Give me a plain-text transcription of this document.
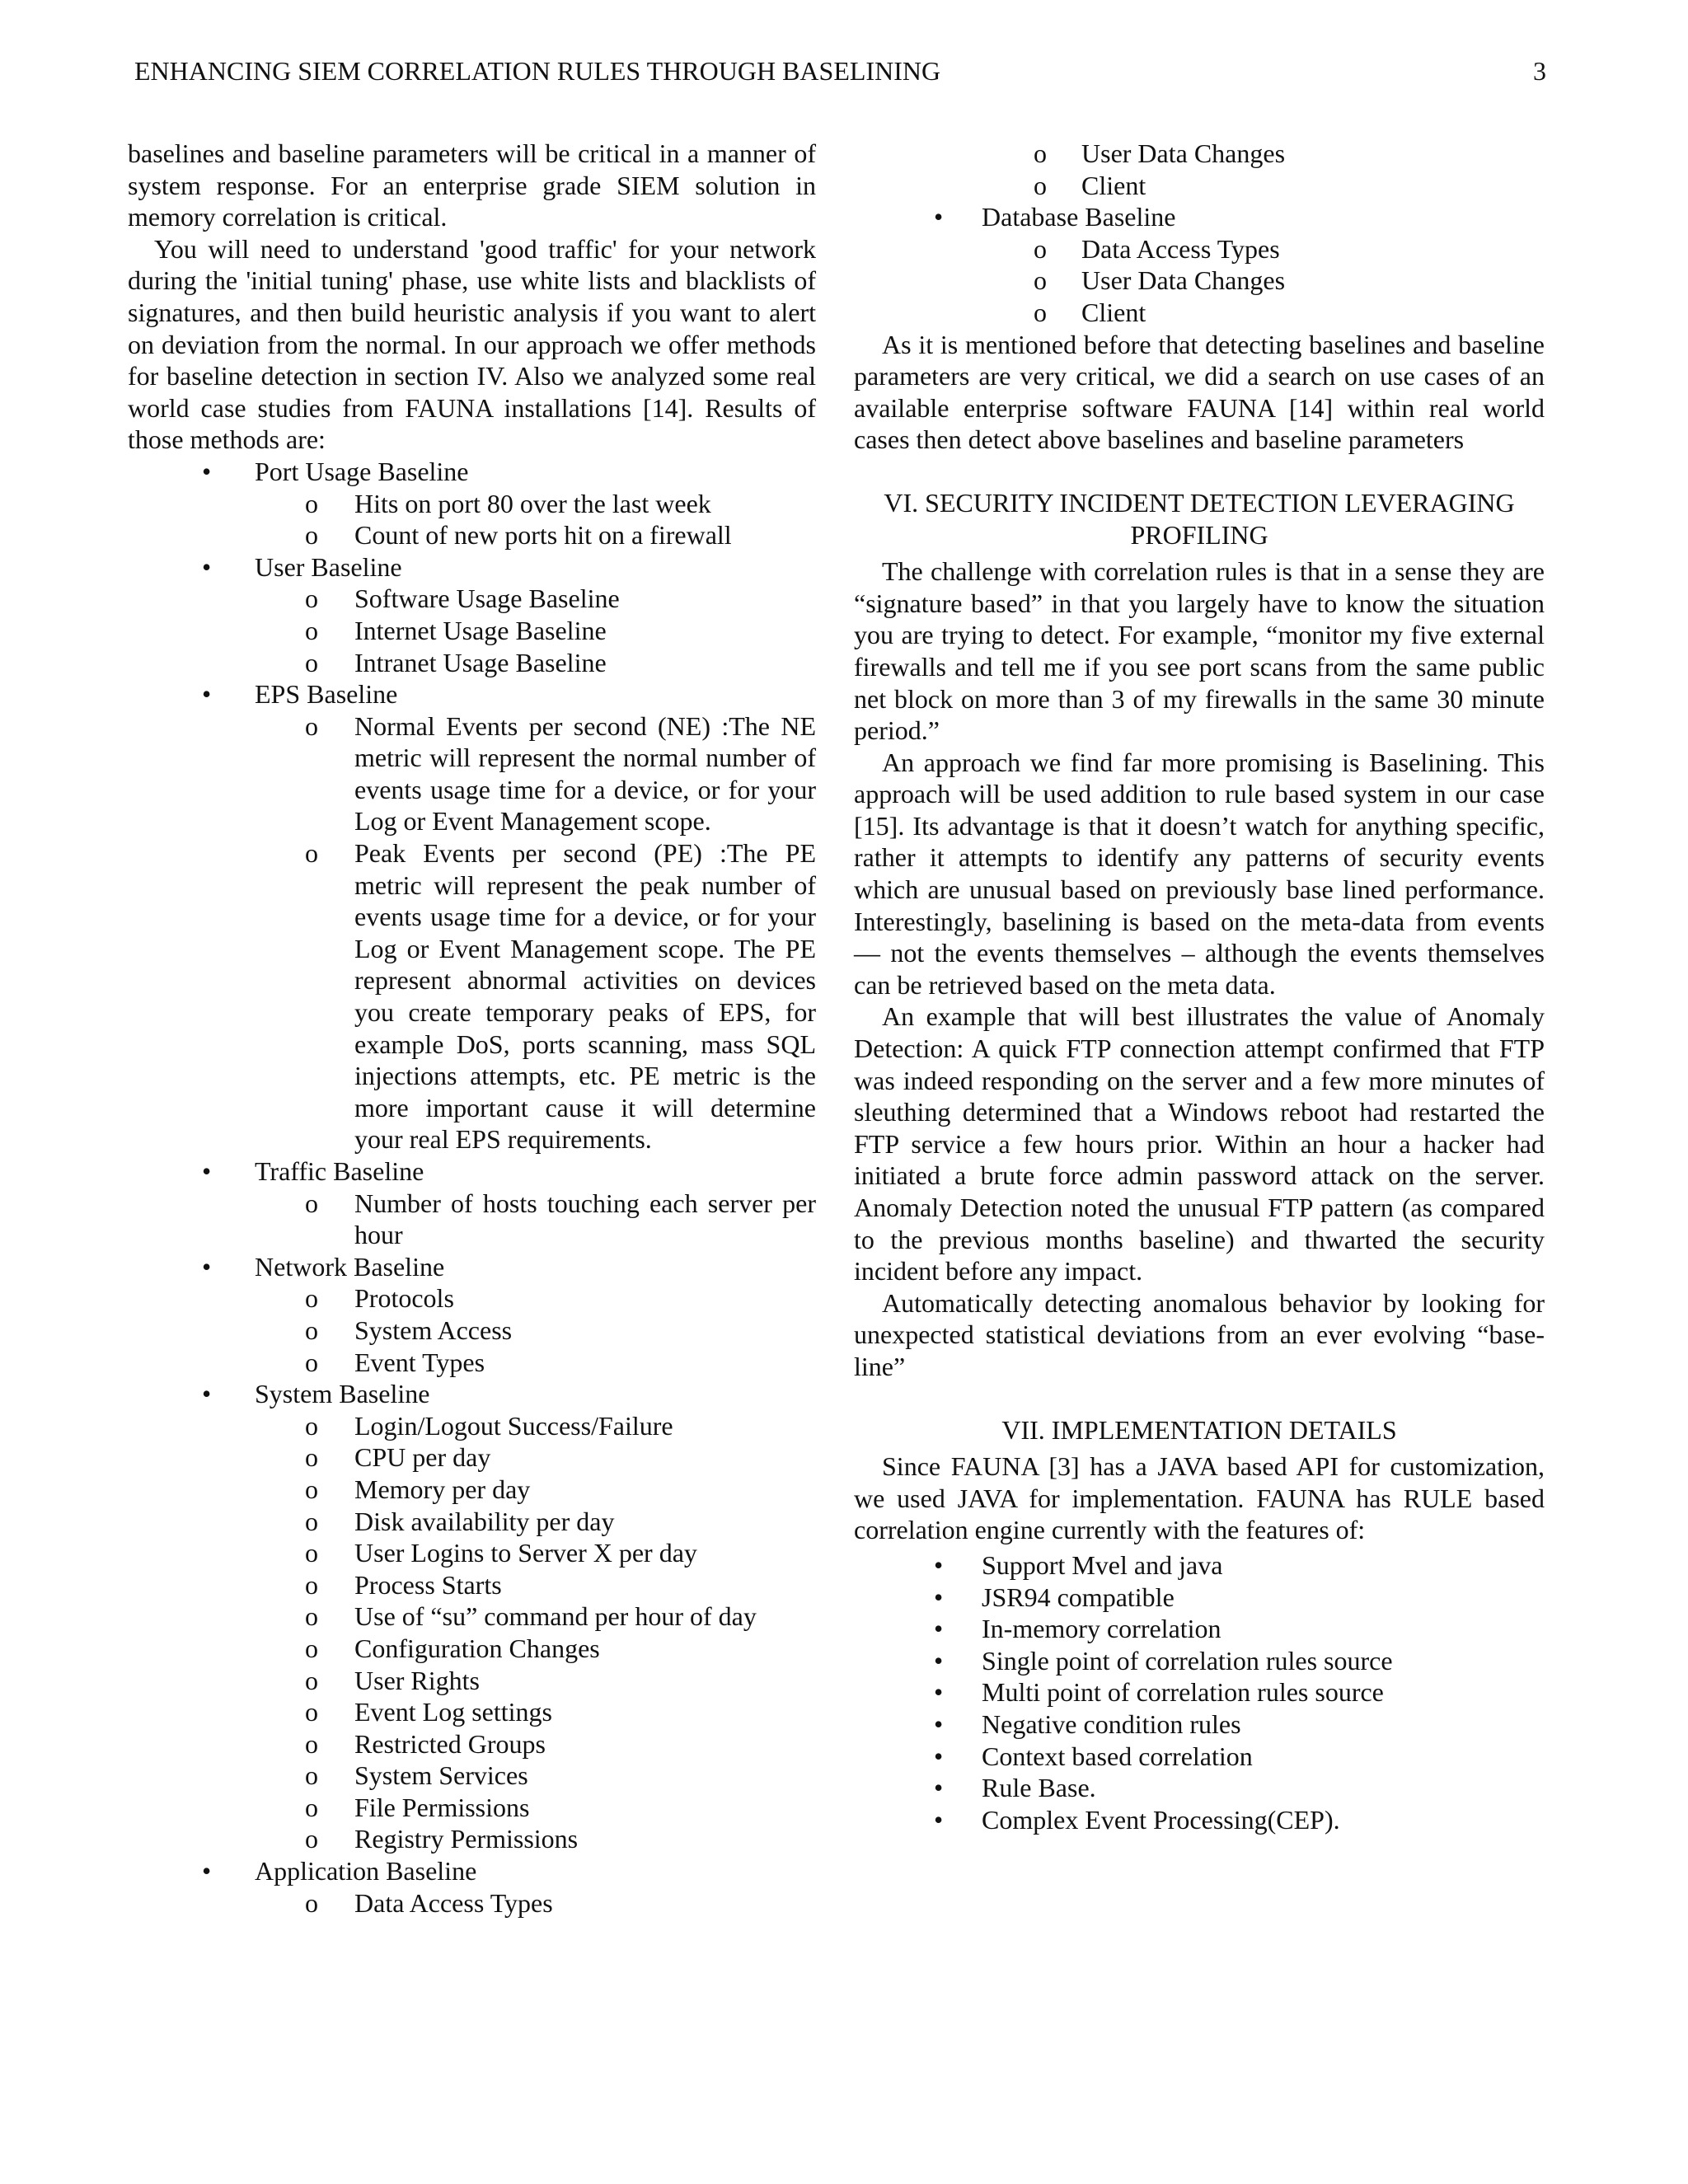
ENHANCING SIEM CORRELATION RULES THROUGH BASELINING	3

baselines and baseline parameters will be critical in a manner of system response. For an enterprise grade SIEM solution in memory correlation is critical.

You will need to understand 'good traffic' for your network during the 'initial tuning' phase, use white lists and blacklists of signatures, and then build heuristic analysis if you want to alert on deviation from the normal. In our approach we offer methods for baseline detection in section IV. Also we analyzed some real world case studies from FAUNA installations [14]. Results of those methods are:

• Port Usage Baseline
o Hits on port 80 over the last week
o Count of new ports hit on a firewall
• User Baseline
o Software Usage Baseline
o Internet Usage Baseline
o Intranet Usage Baseline
• EPS Baseline
o Normal Events per second (NE) :The NE metric will represent the normal number of events usage time for a device, or for your Log or Event Management scope.
o Peak Events per second (PE) :The PE metric will represent the peak number of events usage time for a device, or for your Log or Event Management scope. The PE represent abnormal activities on devices you create temporary peaks of EPS, for example DoS, ports scanning, mass SQL injections attempts, etc. PE metric is the more important cause it will determine your real EPS requirements.
• Traffic Baseline
o Number of hosts touching each server per hour
• Network Baseline
o Protocols
o System Access
o Event Types
• System Baseline
o Login/Logout Success/Failure
o CPU per day
o Memory per day
o Disk availability per day
o User Logins to Server X per day
o Process Starts
o Use of “su” command per hour of day
o Configuration Changes
o User Rights
o Event Log settings
o Restricted Groups
o System Services
o File Permissions
o Registry Permissions
• Application Baseline
o Data Access Types
o User Data Changes
o Client
• Database Baseline
o Data Access Types
o User Data Changes
o Client

As it is mentioned before that detecting baselines and baseline parameters are very critical, we did a search on use cases of an available enterprise software FAUNA [14] within real world cases then detect above baselines and baseline parameters

VI. SECURITY INCIDENT DETECTION LEVERAGING PROFILING

The challenge with correlation rules is that in a sense they are “signature based” in that you largely have to know the situation you are trying to detect. For example, “monitor my five external firewalls and tell me if you see port scans from the same public net block on more than 3 of my firewalls in the same 30 minute period.”

An approach we find far more promising is Baselining. This approach will be used addition to rule based system in our case [15]. Its advantage is that it doesn’t watch for anything specific, rather it attempts to identify any patterns of security events which are unusual based on previously base lined performance. Interestingly, baselining is based on the meta-data from events — not the events themselves – although the events themselves can be retrieved based on the meta data.

An example that will best illustrates the value of Anomaly Detection: A quick FTP connection attempt confirmed that FTP was indeed responding on the server and a few more minutes of sleuthing determined that a Windows reboot had restarted the FTP service a few hours prior. Within an hour a hacker had initiated a brute force admin password attack on the server. Anomaly Detection noted the unusual FTP pattern (as compared to the previous months baseline) and thwarted the security incident before any impact.

Automatically detecting anomalous behavior by looking for unexpected statistical deviations from an ever evolving “base-line”

VII. IMPLEMENTATION DETAILS

Since FAUNA [3] has a JAVA based API for customization, we used JAVA for implementation. FAUNA has RULE based correlation engine currently with the features of:

• Support Mvel and java
• JSR94 compatible
• In-memory correlation
• Single point of correlation rules source
• Multi point of correlation rules source
• Negative condition rules
• Context based correlation
• Rule Base.
• Complex Event Processing(CEP).
